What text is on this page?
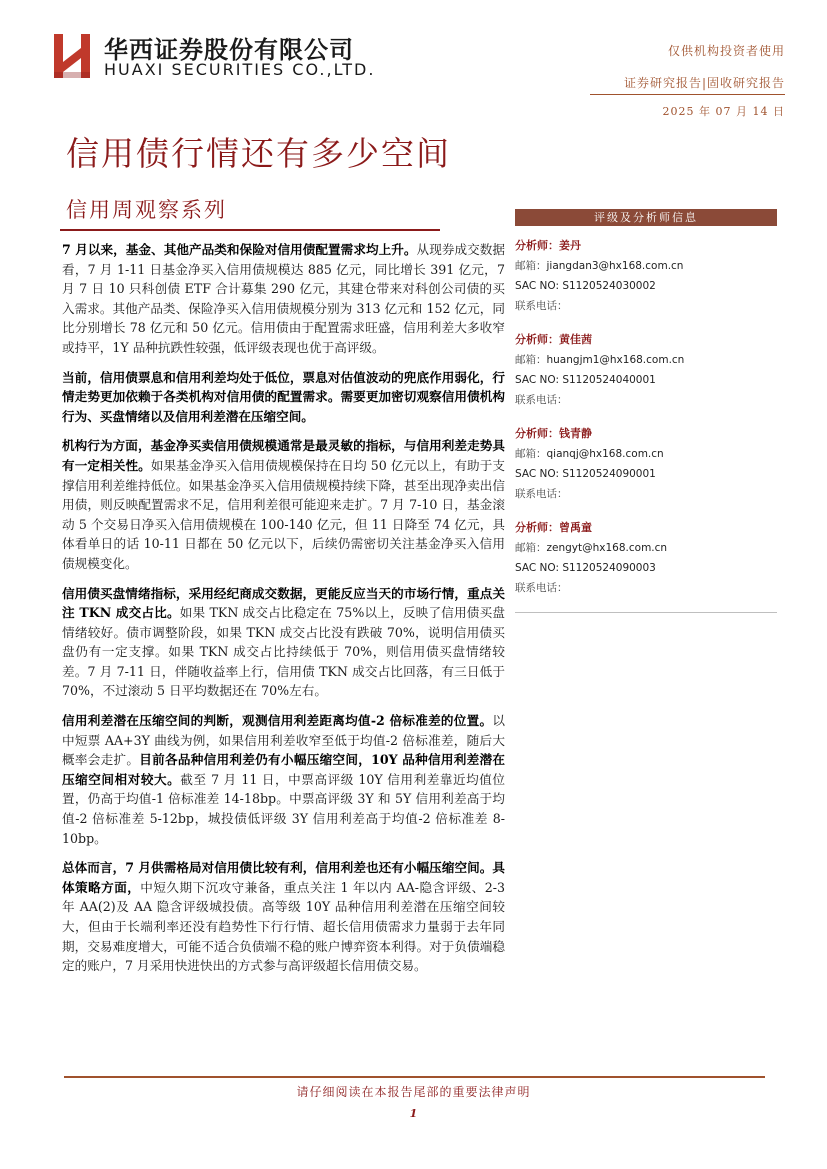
华西证券股份有限公司
HUAXI SECURITIES CO.,LTD.
仅供机构投资者使用
证券研究报告|固收研究报告
2025 年 07 月 14 日
信用债行情还有多少空间
信用周观察系列

7 月以来，基金、其他产品类和保险对信用债配置需求均上升。从现券成交数据看，7 月 1-11 日基金净买入信用债规模达 885 亿元，同比增长 391 亿元，7 月 7 日 10 只科创债 ETF 合计募集 290 亿元，其建仓带来对科创公司债的买入需求。其他产品类、保险净买入信用债规模分别为 313 亿元和 152 亿元，同比分别增长 78 亿元和 50 亿元。信用债由于配置需求旺盛，信用利差大多收窄或持平，1Y 品种抗跌性较强，低评级表现也优于高评级。

当前，信用债票息和信用利差均处于低位，票息对估值波动的兜底作用弱化，行情走势更加依赖于各类机构对信用债的配置需求。需要更加密切观察信用债机构行为、买盘情绪以及信用利差潜在压缩空间。

机构行为方面，基金净买卖信用债规模通常是最灵敏的指标，与信用利差走势具有一定相关性。如果基金净买入信用债规模保持在日均 50 亿元以上，有助于支撑信用利差维持低位。如果基金净买入信用债规模持续下降，甚至出现净卖出信用债，则反映配置需求不足，信用利差很可能迎来走扩。7 月 7-10 日，基金滚动 5 个交易日净买入信用债规模在 100-140 亿元，但 11 日降至 74 亿元，具体看单日的话 10-11 日都在 50 亿元以下，后续仍需密切关注基金净买入信用债规模变化。

信用债买盘情绪指标，采用经纪商成交数据，更能反应当天的市场行情，重点关注 TKN 成交占比。如果 TKN 成交占比稳定在 75%以上，反映了信用债买盘情绪较好。债市调整阶段，如果 TKN 成交占比没有跌破 70%，说明信用债买盘仍有一定支撑。如果 TKN 成交占比持续低于 70%，则信用债买盘情绪较差。7 月 7-11 日，伴随收益率上行，信用债 TKN 成交占比回落，有三日低于 70%，不过滚动 5 日平均数据还在 70%左右。

信用利差潜在压缩空间的判断，观测信用利差距离均值-2 倍标准差的位置。以中短票 AA+3Y 曲线为例，如果信用利差收窄至低于均值-2 倍标准差，随后大概率会走扩。目前各品种信用利差仍有小幅压缩空间，10Y 品种信用利差潜在压缩空间相对较大。截至 7 月 11 日，中票高评级 10Y 信用利差靠近均值位置，仍高于均值-1 倍标准差 14-18bp。中票高评级 3Y 和 5Y 信用利差高于均值-2 倍标准差 5-12bp，城投债低评级 3Y 信用利差高于均值-2 倍标准差 8-10bp。

总体而言，7 月供需格局对信用债比较有利，信用利差也还有小幅压缩空间。具体策略方面，中短久期下沉攻守兼备，重点关注 1 年以内 AA-隐含评级、2-3 年 AA(2)及 AA 隐含评级城投债。高等级 10Y 品种信用利差潜在压缩空间较大，但由于长端利率还没有趋势性下行行情、超长信用债需求力量弱于去年同期，交易难度增大，可能不适合负债端不稳的账户博弈资本利得。对于负债端稳定的账户，7 月采用快进快出的方式参与高评级超长信用债交易。

评级及分析师信息
分析师：姜丹
邮箱：jiangdan3@hx168.com.cn
SAC NO: S1120524030002
联系电话：
分析师：黄佳茜
邮箱：huangjm1@hx168.com.cn
SAC NO: S1120524040001
联系电话：
分析师：钱青静
邮箱：qianqj@hx168.com.cn
SAC NO: S1120524090001
联系电话：
分析师：曾禹童
邮箱：zengyt@hx168.com.cn
SAC NO: S1120524090003
联系电话：
请仔细阅读在本报告尾部的重要法律声明
1
